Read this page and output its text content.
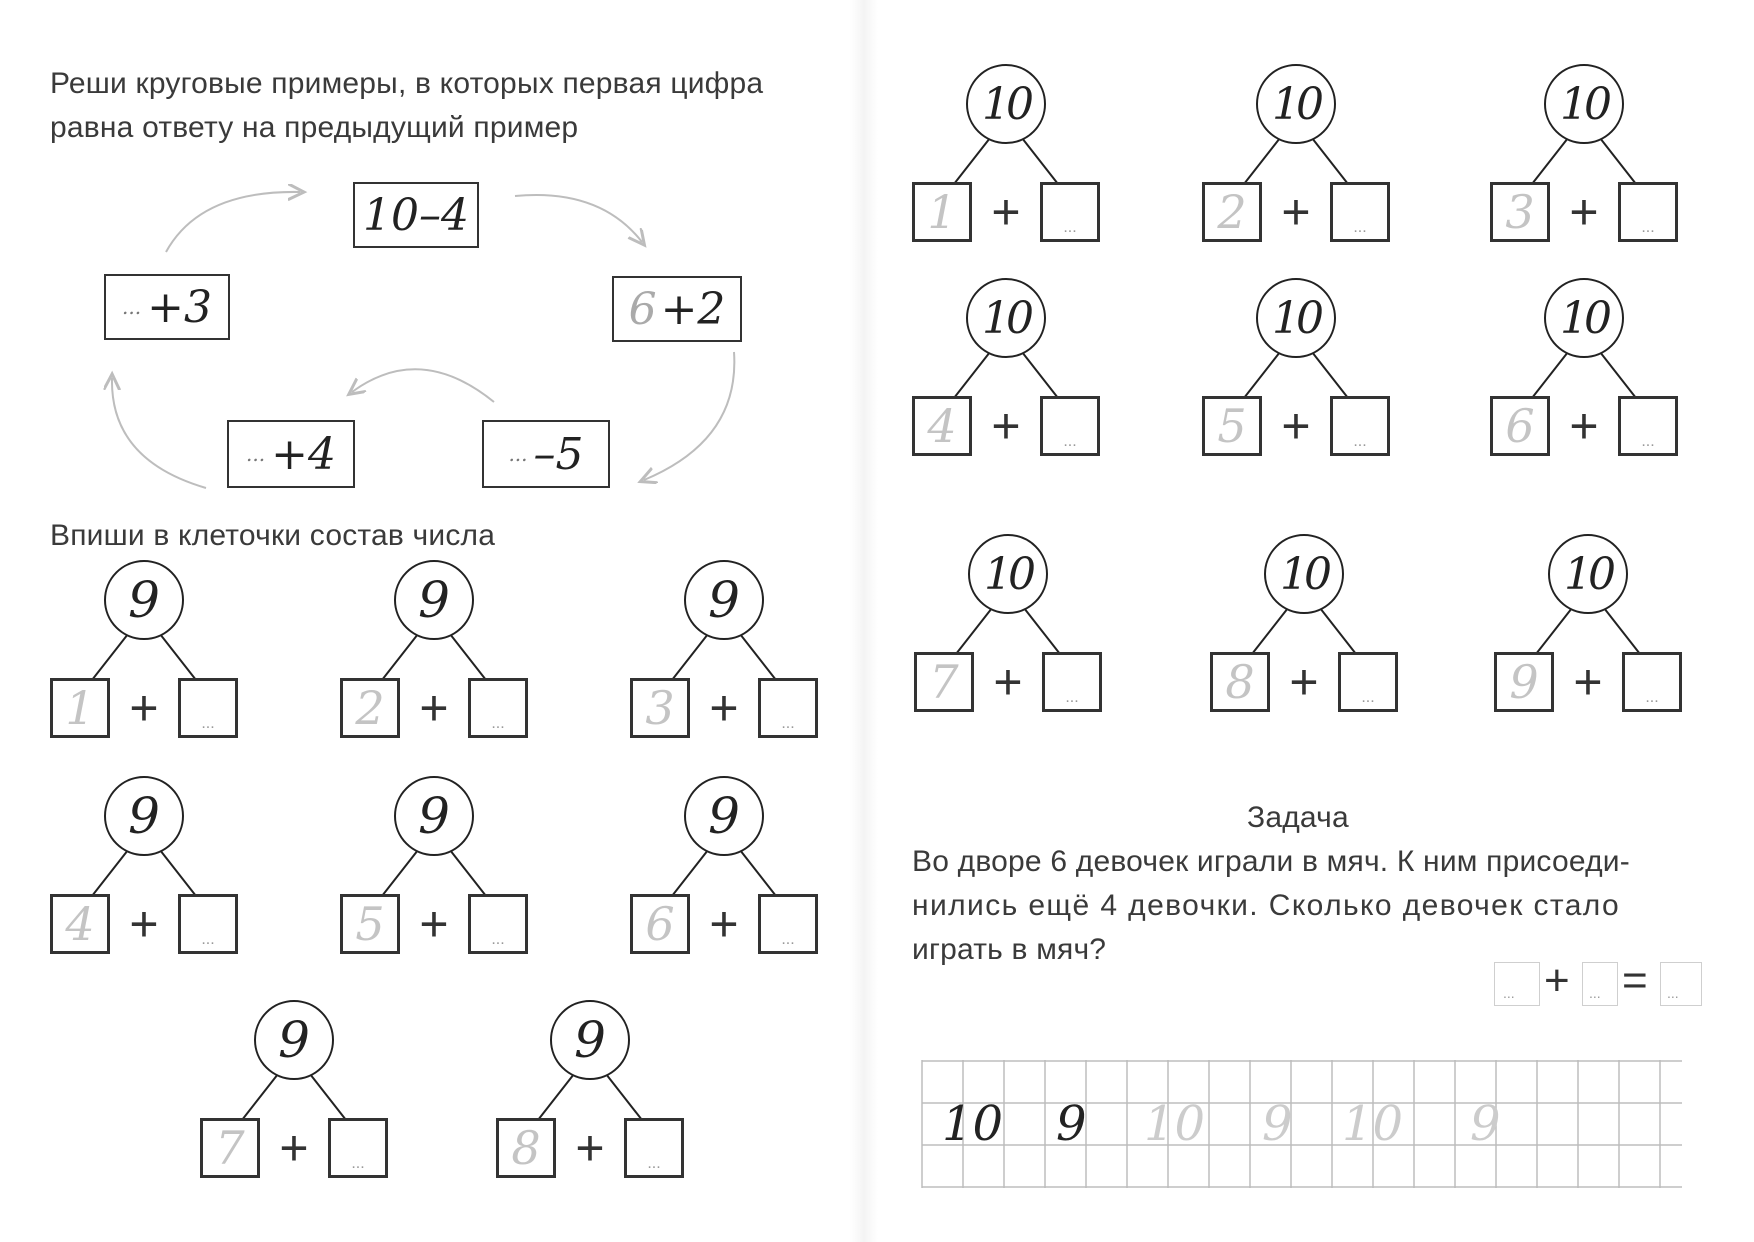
Реши круговые примеры, в которых первая цифра
равна ответу на предыдущий пример
10–4
6 +2
... –5
... +4
... +3
Впиши в клеточки состав числа
9
1 +	...
9
2 +	...
9
3 +	...
9
4 +	...
9
5 +	...
9
6 +	...
9
7 +	...
9
8 +	...
10
1 +	...
10
2 +	...
10
3 +	...
10
4 +	...
10
5 +	...
10
6 +	...
10
7 +	...
10
8 +	...
10
9 +	...
Задача
Во дворе 6 девочек играли в мяч. К ним присоеди-
нились ещё 4 девочки. Сколько девочек стало
играть в мяч?
... + ... = ...
10 9 10 9 10 9
